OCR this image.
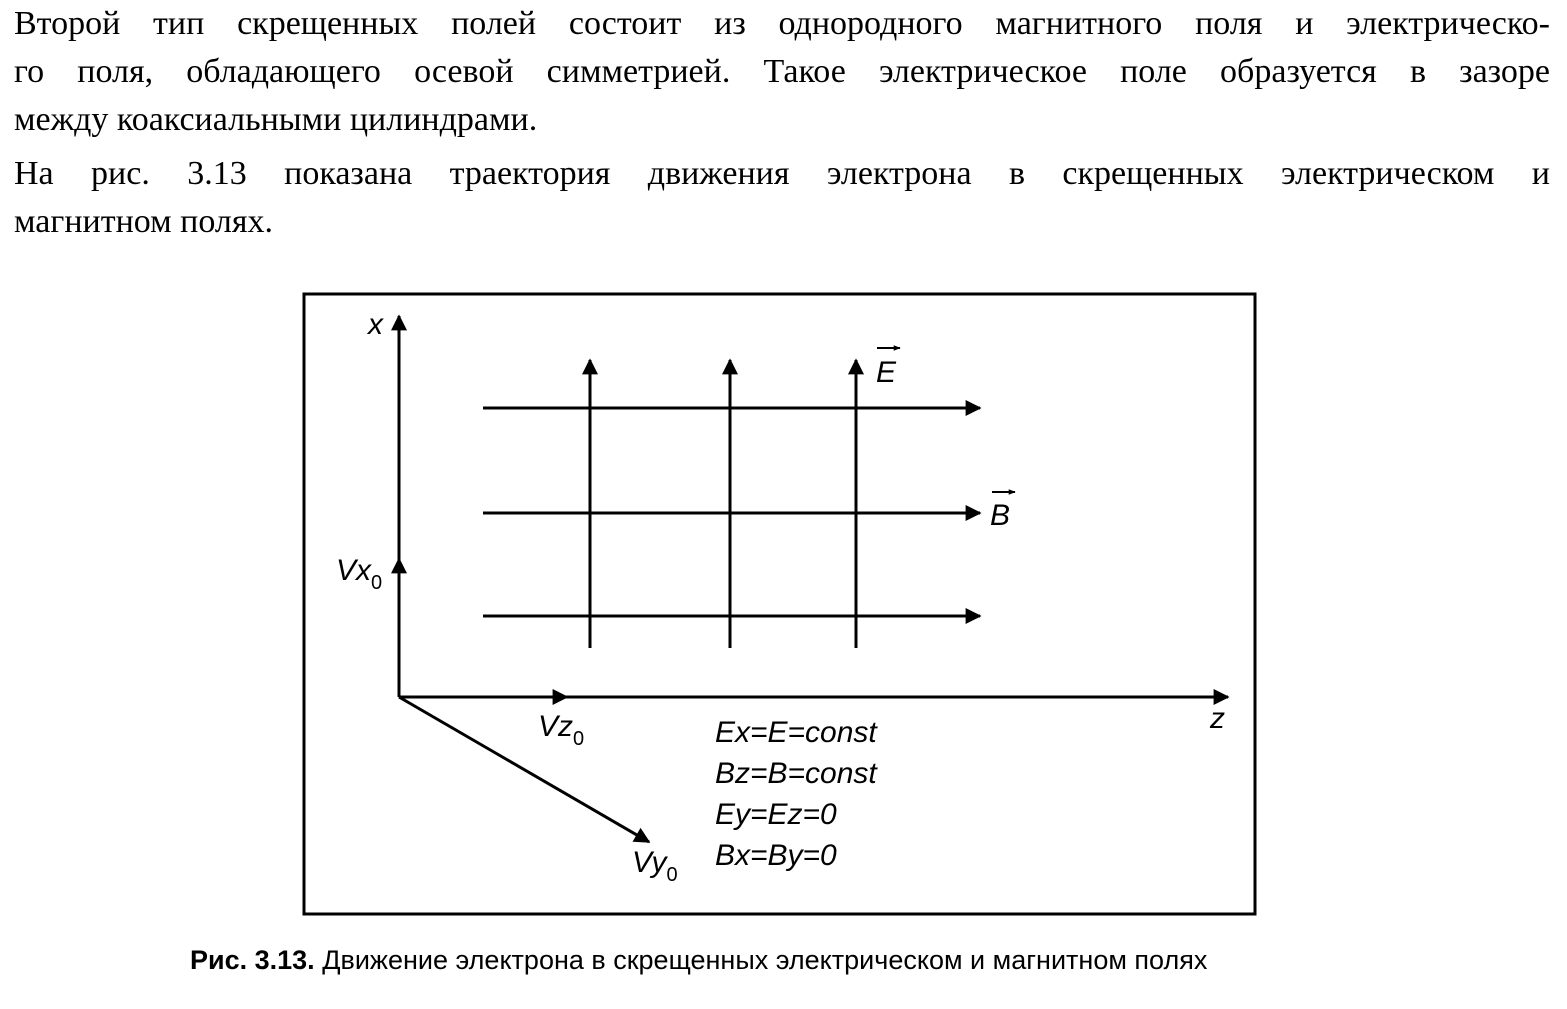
Второй тип скрещенных полей состоит из однородного магнитного поля и электрическо-
го поля, обладающего осевой симметрией. Такое электрическое поле образуется в зазоре
между коаксиальными цилиндрами.
На рис. 3.13 показана траектория движения электрона в скрещенных электрическом и
магнитном полях.
x
z
E
B
$Vx_0$
$Vz_0$
$Vy_0$
Ex=E=const
Bz=B=const
Ey=Ez=0
Bx=By=0
Рис. 3.13. Движение электрона в скрещенных электрическом и магнитном полях
